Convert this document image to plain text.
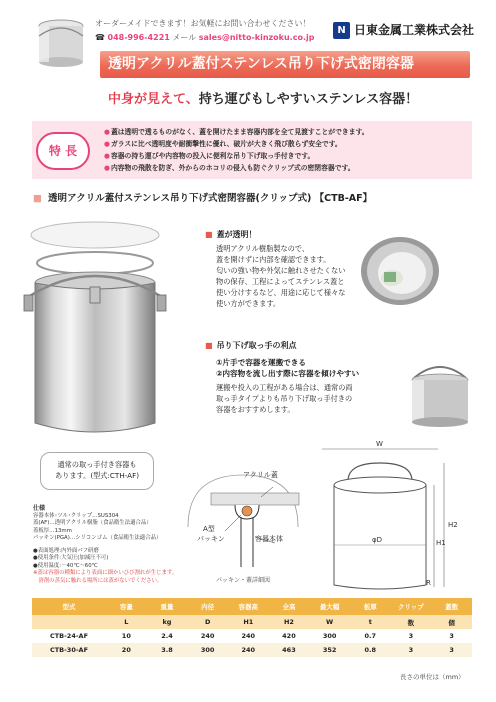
オーダーメイドできます！お気軽にお問い合わせください！
☎ 048-996-4221 メール sales@nitto-kinzoku.co.jp
N 日東金属工業株式会社
透明アクリル蓋付ステンレス吊り下げ式密閉容器
中身が見えて、持ち運びもしやすいステンレス容器！
特 長
● 蓋は透明で透るものがなく、蓋を開けたまま容器内部を全て見渡すことができます。
● ガラスに比べ透明度や耐衝撃性に優れ、破片が大きく飛び散らず安全です。
● 容器の持ち運びや内容物の投入に便利な吊り下げ取っ手付きです。
● 内容物の飛散を防ぎ、外からのホコリの侵入も防ぐクリップ式の密閉容器です。
■ 透明アクリル蓋付ステンレス吊り下げ式密閉容器(クリップ式) 【CTB-AF】
通常の取っ手付き容器も
あります。(型式:CTH-AF)
■ 蓋が透明！
透明アクリル樹脂製なので、
蓋を開けずに内部を確認できます。
匂いの強い物や外気に触れさせたくない
物の保存、工程によってステンレス蓋と
使い分けするなど、用途に応じて様々な
使い方ができます。
■ 吊り下げ取っ手の利点
①片手で容器を運搬できる
②内容物を流し出す際に容器を傾けやすい
運搬や投入の工程がある場合は、通常の両
取っ手タイプよりも吊り下げ取っ手付きの
容器をおすすめします。
仕様
容器本体･ツル･クリップ…SUS304
蓋(AF)…透明アクリル樹脂（食品衛生法適合品）
蓋板厚…13mm
パッキン(PGA)…シリコンゴム（食品衛生法適合品）
●表面処理:内外面バフ研磨
●使用条件:大気圧(加減圧不可)
●使用温度:－40℃～60℃
※蓋は容器の種類により表面に細かいひび割れが生じます。
　溶剤の蒸気に触れる場所には蓋がないでください。
アクリル蓋
A型
パッキン	容器本体
パッキン・蓋詳細図
W
φD
H2
H1
R
型式	容量	重量	内径	容器高	全高	最大幅	板厚	クリップ	蓋数
	L	kg	D	H1	H2	W	t	数	個
CTB-24-AF	10	2.4	240	240	420	300	0.7	3	3
CTB-30-AF	20	3.8	300	240	463	352	0.8	3	3
長さの単位は（mm）
